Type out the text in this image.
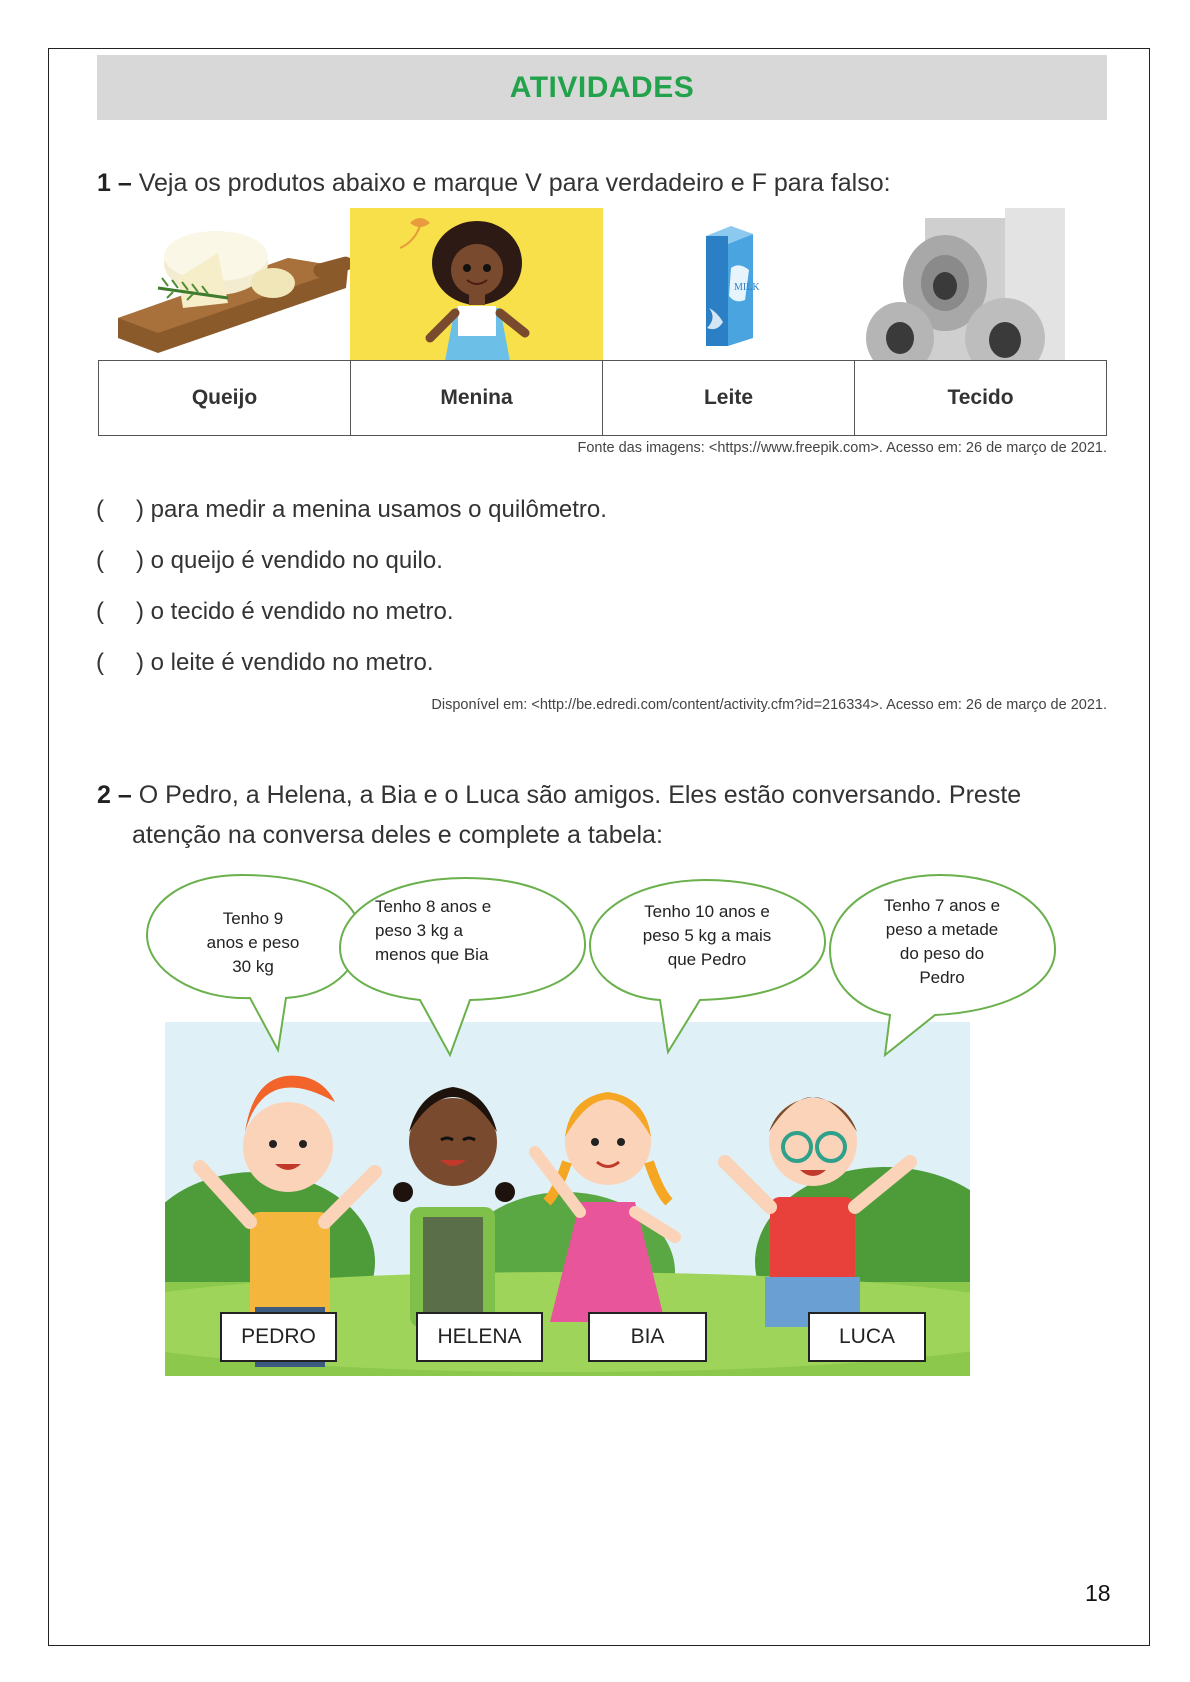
ATIVIDADES
1 – Veja os produtos abaixo e marque V para verdadeiro e F para falso:
MILK
Queijo	Menina	Leite	Tecido
Fonte das imagens: <https://www.freepik.com>. Acesso em: 26 de março de 2021.
( ) para medir a menina usamos o quilômetro.
( ) o queijo é vendido no quilo.
( ) o tecido é vendido no metro.
( ) o leite é vendido no metro.
Disponível em: <http://be.edredi.com/content/activity.cfm?id=216334>. Acesso em: 26 de março de 2021.
2 – O Pedro, a Helena, a Bia e o Luca são amigos. Eles estão conversando. Preste
atenção na conversa deles e complete a tabela:
Tenho 9
anos e peso
30 kg
Tenho 8 anos e
peso 3 kg a
menos que Bia
Tenho 10 anos e
peso 5 kg a mais
que Pedro
Tenho 7 anos e
peso a metade
do peso do
Pedro
PEDRO	HELENA	BIA	LUCA
18
